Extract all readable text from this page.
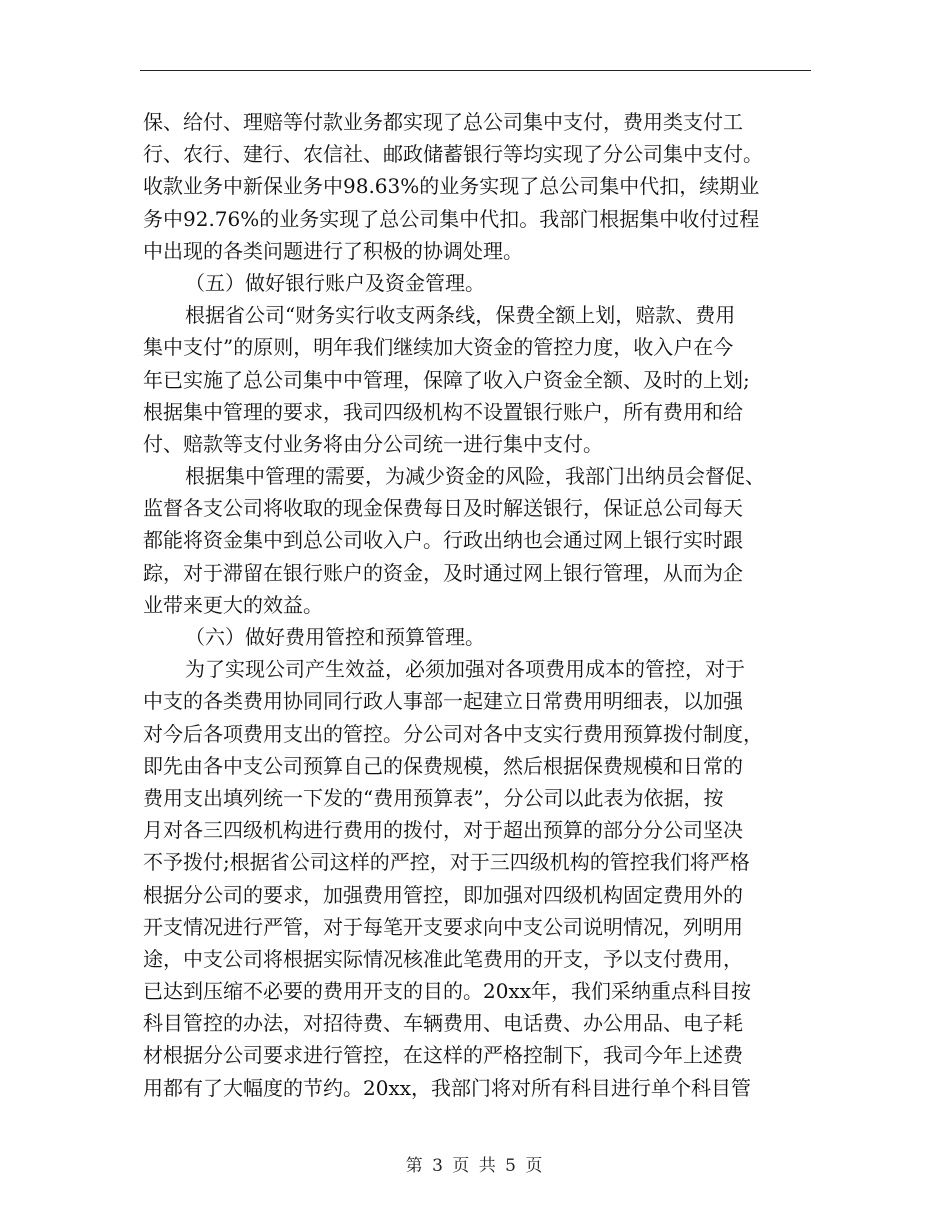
保、给付、理赔等付款业务都实现了总公司集中支付，费用类支付工
行、农行、建行、农信社、邮政储蓄银行等均实现了分公司集中支付。
收款业务中新保业务中98.63%的业务实现了总公司集中代扣，续期业
务中92.76%的业务实现了总公司集中代扣。我部门根据集中收付过程
中出现的各类问题进行了积极的协调处理。
（五）做好银行账户及资金管理。
根据省公司“财务实行收支两条线，保费全额上划，赔款、费用
集中支付”的原则，明年我们继续加大资金的管控力度，收入户在今
年已实施了总公司集中中管理，保障了收入户资金全额、及时的上划;
根据集中管理的要求，我司四级机构不设置银行账户，所有费用和给
付、赔款等支付业务将由分公司统一进行集中支付。
根据集中管理的需要，为减少资金的风险，我部门出纳员会督促、
监督各支公司将收取的现金保费每日及时解送银行，保证总公司每天
都能将资金集中到总公司收入户。行政出纳也会通过网上银行实时跟
踪，对于滞留在银行账户的资金，及时通过网上银行管理，从而为企
业带来更大的效益。
（六）做好费用管控和预算管理。
为了实现公司产生效益，必须加强对各项费用成本的管控，对于
中支的各类费用协同同行政人事部一起建立日常费用明细表，以加强
对今后各项费用支出的管控。分公司对各中支实行费用预算拨付制度，
即先由各中支公司预算自己的保费规模，然后根据保费规模和日常的
费用支出填列统一下发的“费用预算表”，分公司以此表为依据，按
月对各三四级机构进行费用的拨付，对于超出预算的部分分公司坚决
不予拨付;根据省公司这样的严控，对于三四级机构的管控我们将严格
根据分公司的要求，加强费用管控，即加强对四级机构固定费用外的
开支情况进行严管，对于每笔开支要求向中支公司说明情况，列明用
途，中支公司将根据实际情况核准此笔费用的开支，予以支付费用，
已达到压缩不必要的费用开支的目的。20xx年，我们采纳重点科目按
科目管控的办法，对招待费、车辆费用、电话费、办公用品、电子耗
材根据分公司要求进行管控，在这样的严格控制下，我司今年上述费
用都有了大幅度的节约。20xx，我部门将对所有科目进行单个科目管
第 3 页 共 5 页
